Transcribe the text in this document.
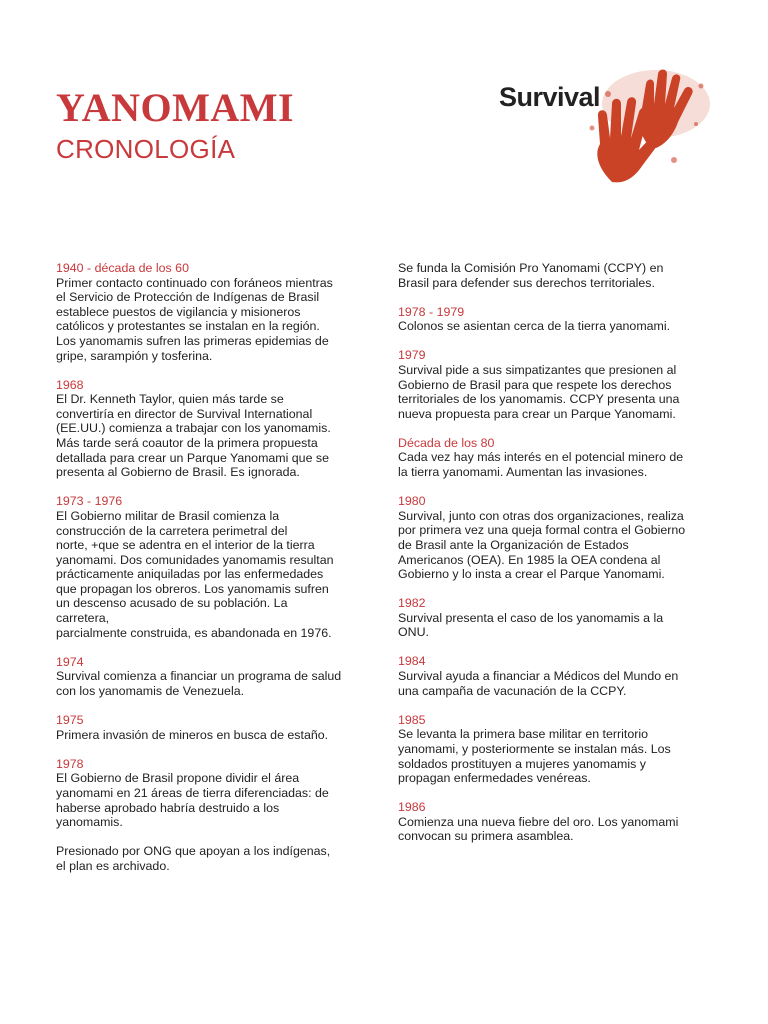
YANOMAMI
CRONOLOGÍA
Survival
1940 - década de los 60
Primer contacto continuado con foráneos mientras
el Servicio de Protección de Indígenas de Brasil
establece puestos de vigilancia y misioneros
católicos y protestantes se instalan en la región.
Los yanomamis sufren las primeras epidemias de
gripe, sarampión y tosferina.
1968
El Dr. Kenneth Taylor, quien más tarde se
convertiría en director de Survival International
(EE.UU.) comienza a trabajar con los yanomamis.
Más tarde será coautor de la primera propuesta
detallada para crear un Parque Yanomami que se
presenta al Gobierno de Brasil. Es ignorada.
1973 - 1976
El Gobierno militar de Brasil comienza la
construcción de la carretera perimetral del
norte, +que se adentra en el interior de la tierra
yanomami. Dos comunidades yanomamis resultan
prácticamente aniquiladas por las enfermedades
que propagan los obreros. Los yanomamis sufren
un descenso acusado de su población. La carretera,
parcialmente construida, es abandonada en 1976.
1974
Survival comienza a financiar un programa de salud
con los yanomamis de Venezuela.
1975
Primera invasión de mineros en busca de estaño.
1978
El Gobierno de Brasil propone dividir el área
yanomami en 21 áreas de tierra diferenciadas: de
haberse aprobado habría destruido a los yanomamis.

Presionado por ONG que apoyan a los indígenas,
el plan es archivado.
Se funda la Comisión Pro Yanomami (CCPY) en
Brasil para defender sus derechos territoriales.
1978 - 1979
Colonos se asientan cerca de la tierra yanomami.
1979
Survival pide a sus simpatizantes que presionen al
Gobierno de Brasil para que respete los derechos
territoriales de los yanomamis. CCPY presenta una
nueva propuesta para crear un Parque Yanomami.
Década de los 80
Cada vez hay más interés en el potencial minero de
la tierra yanomami. Aumentan las invasiones.
1980
Survival, junto con otras dos organizaciones, realiza
por primera vez una queja formal contra el Gobierno
de Brasil ante la Organización de Estados
Americanos (OEA). En 1985 la OEA condena al
Gobierno y lo insta a crear el Parque Yanomami.
1982
Survival presenta el caso de los yanomamis a la
ONU.
1984
Survival ayuda a financiar a Médicos del Mundo en
una campaña de vacunación de la CCPY.
1985
Se levanta la primera base militar en territorio
yanomami, y posteriormente se instalan más. Los
soldados prostituyen a mujeres yanomamis y
propagan enfermedades venéreas.
1986
Comienza una nueva fiebre del oro. Los yanomami
convocan su primera asamblea.
